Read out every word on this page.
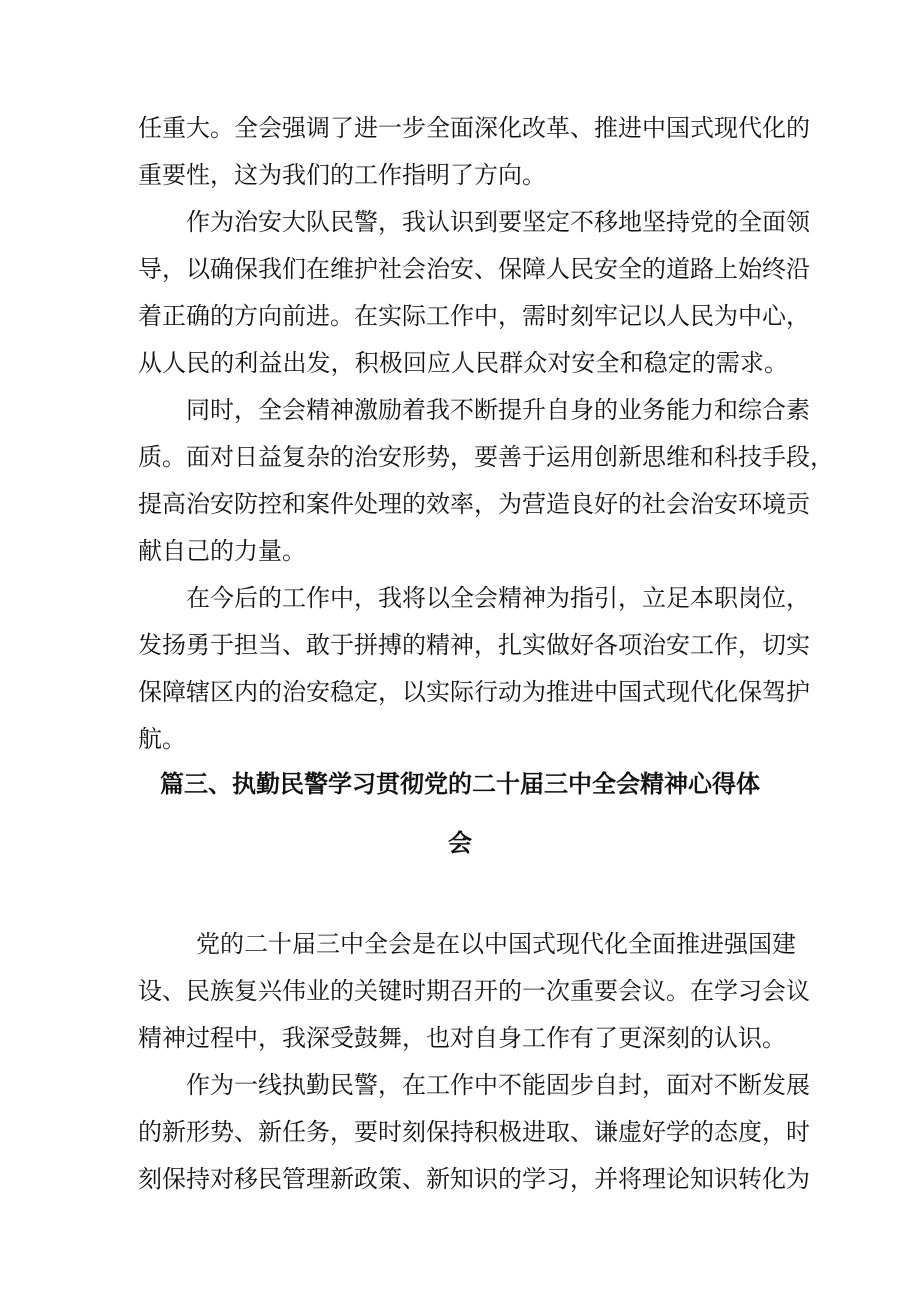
任重大。全会强调了进一步全面深化改革、推进中国式现代化的

重要性，这为我们的工作指明了方向。

作为治安大队民警，我认识到要坚定不移地坚持党的全面领

导，以确保我们在维护社会治安、保障人民安全的道路上始终沿

着正确的方向前进。在实际工作中，需时刻牢记以人民为中心，

从人民的利益出发，积极回应人民群众对安全和稳定的需求。

同时，全会精神激励着我不断提升自身的业务能力和综合素

质。面对日益复杂的治安形势，要善于运用创新思维和科技手段，

提高治安防控和案件处理的效率，为营造良好的社会治安环境贡

献自己的力量。

在今后的工作中，我将以全会精神为指引，立足本职岗位，

发扬勇于担当、敢于拼搏的精神，扎实做好各项治安工作，切实

保障辖区内的治安稳定，以实际行动为推进中国式现代化保驾护

航。

篇三、执勤民警学习贯彻党的二十届三中全会精神心得体
会

党的二十届三中全会是在以中国式现代化全面推进强国建

设、民族复兴伟业的关键时期召开的一次重要会议。在学习会议

精神过程中，我深受鼓舞，也对自身工作有了更深刻的认识。

作为一线执勤民警，在工作中不能固步自封，面对不断发展

的新形势、新任务，要时刻保持积极进取、谦虚好学的态度，时

刻保持对移民管理新政策、新知识的学习，并将理论知识转化为
